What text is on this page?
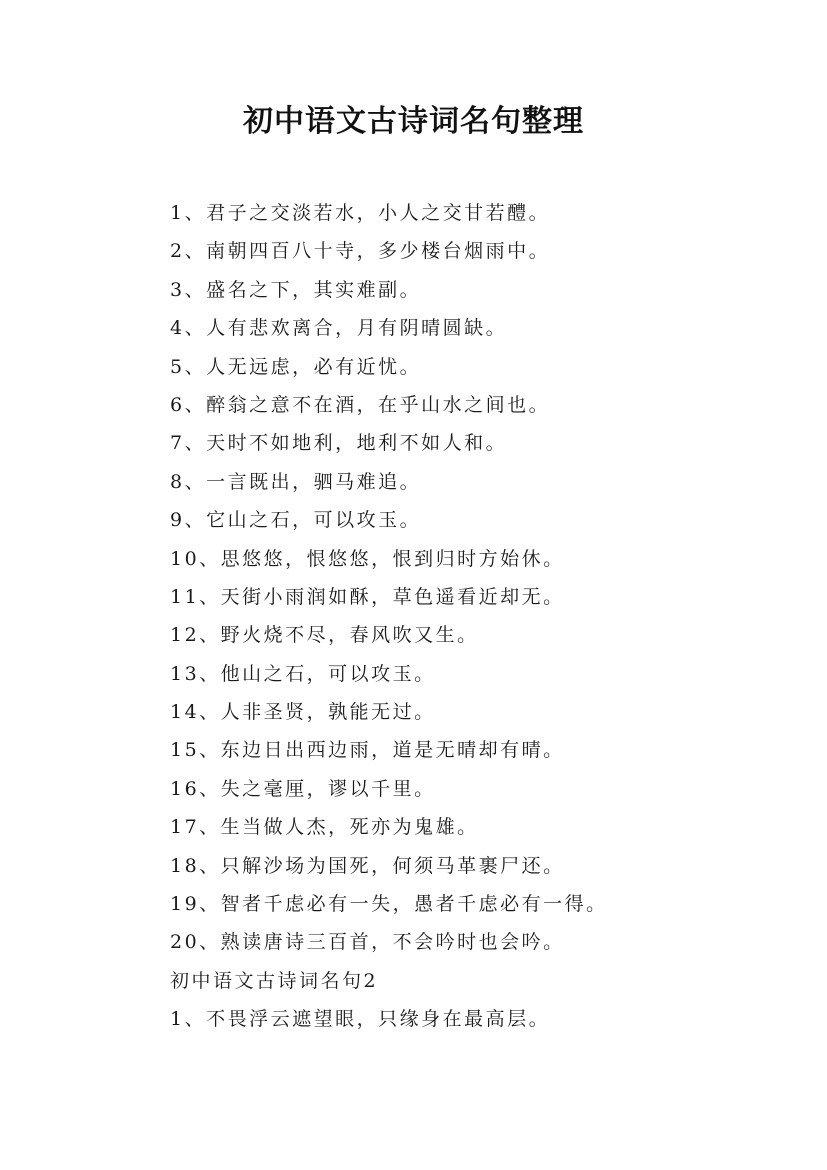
初中语文古诗词名句整理
1、君子之交淡若水，小人之交甘若醴。
2、南朝四百八十寺，多少楼台烟雨中。
3、盛名之下，其实难副。
4、人有悲欢离合，月有阴晴圆缺。
5、人无远虑，必有近忧。
6、醉翁之意不在酒，在乎山水之间也。
7、天时不如地利，地利不如人和。
8、一言既出，驷马难追。
9、它山之石，可以攻玉。
10、思悠悠，恨悠悠，恨到归时方始休。
11、天街小雨润如酥，草色遥看近却无。
12、野火烧不尽，春风吹又生。
13、他山之石，可以攻玉。
14、人非圣贤，孰能无过。
15、东边日出西边雨，道是无晴却有晴。
16、失之毫厘，谬以千里。
17、生当做人杰，死亦为鬼雄。
18、只解沙场为国死，何须马革裹尸还。
19、智者千虑必有一失，愚者千虑必有一得。
20、熟读唐诗三百首，不会吟时也会吟。
初中语文古诗词名句2
1、不畏浮云遮望眼，只缘身在最高层。
